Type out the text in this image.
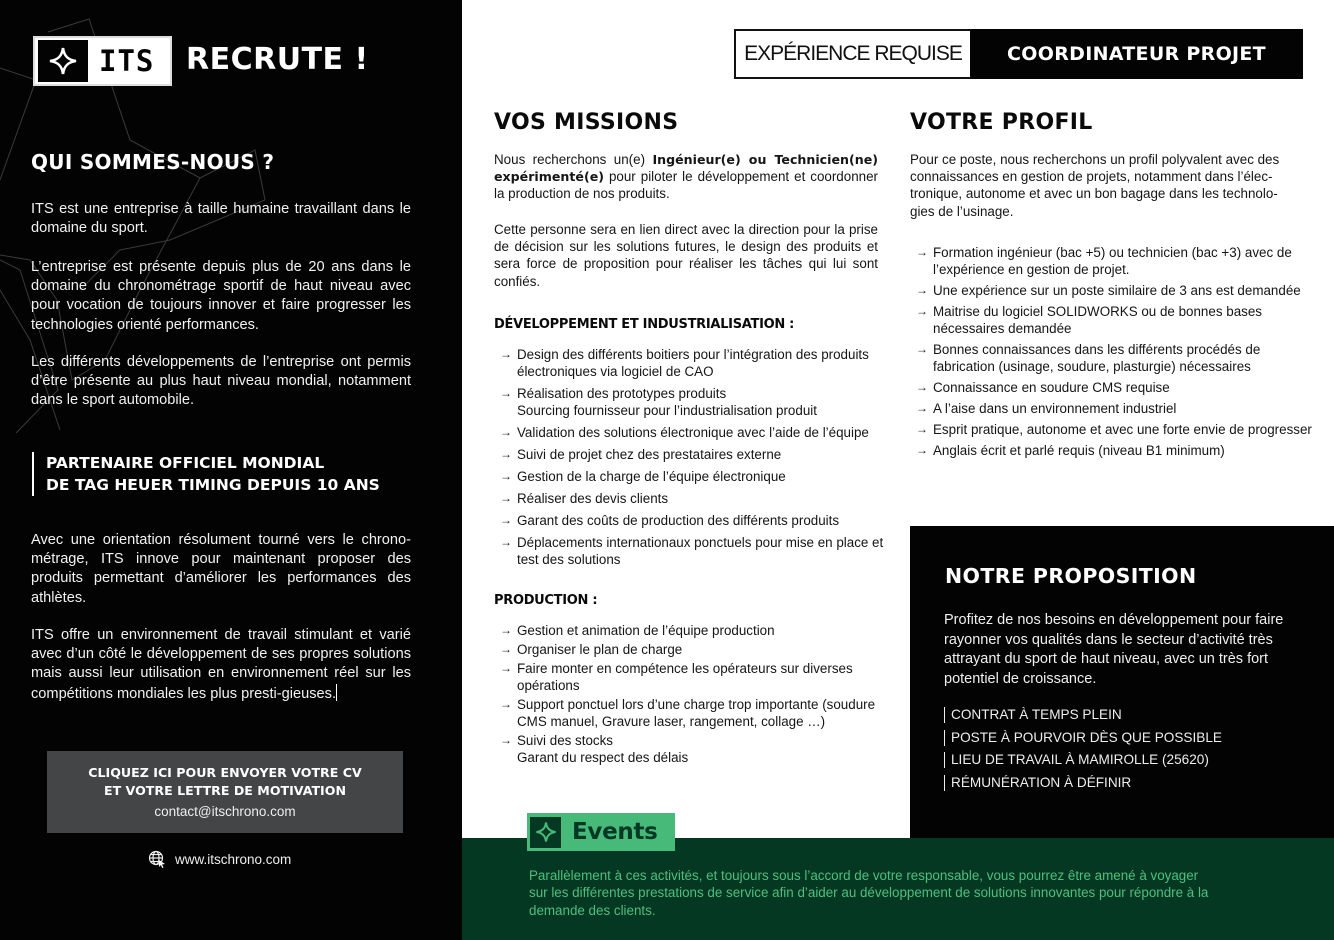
ITS RECRUTE !
QUI SOMMES-NOUS ?

ITS est une entreprise à taille humaine travaillant dans le domaine du sport.

L’entreprise est présente depuis plus de 20 ans dans le domaine du chronométrage sportif de haut niveau avec pour vocation de toujours innover et faire progresser les technologies orienté performances.

Les différents développements de l’entreprise ont permis d’être présente au plus haut niveau mondial, notamment dans le sport automobile.

PARTENAIRE OFFICIEL MONDIAL
DE TAG HEUER TIMING DEPUIS 10 ANS

Avec une orientation résolument tourné vers le chrono-métrage, ITS innove pour maintenant proposer des produits permettant d’améliorer les performances des athlètes.

ITS offre un environnement de travail stimulant et varié avec d’un côté le développement de ses propres solutions mais aussi leur utilisation en environnement réel sur les compétitions mondiales les plus presti-gieuses.

CLIQUEZ ICI POUR ENVOYER VOTRE CV
ET VOTRE LETTRE DE MOTIVATION
contact@itschrono.com
www.itschrono.com
EXPÉRIENCE REQUISE	COORDINATEUR PROJET
VOS MISSIONS

Nous recherchons un(e) Ingénieur(e) ou Technicien(ne) expérimenté(e) pour piloter le développement et coordonner la production de nos produits.

Cette personne sera en lien direct avec la direction pour la prise de décision sur les solutions futures, le design des produits et sera force de proposition pour réaliser les tâches qui lui sont confiés.

DÉVELOPPEMENT ET INDUSTRIALISATION :
→ Design des différents boitiers pour l’intégration des produits électroniques via logiciel de CAO
→ Réalisation des prototypes produits
Sourcing fournisseur pour l’industrialisation produit
→ Validation des solutions électronique avec l’aide de l’équipe
→ Suivi de projet chez des prestataires externe
→ Gestion de la charge de l’équipe électronique
→ Réaliser des devis clients
→ Garant des coûts de production des différents produits
→ Déplacements internationaux ponctuels pour mise en place et test des solutions
PRODUCTION :
→ Gestion et animation de l’équipe production
→ Organiser le plan de charge
→ Faire monter en compétence les opérateurs sur diverses opérations
→ Support ponctuel lors d’une charge trop importante (soudure CMS manuel, Gravure laser, rangement, collage …)
→ Suivi des stocks
Garant du respect des délais
VOTRE PROFIL

Pour ce poste, nous recherchons un profil polyvalent avec des connaissances en gestion de projets, notamment dans l’élec-tronique, autonome et avec un bon bagage dans les technolo-gies de l’usinage.

→ Formation ingénieur (bac +5) ou technicien (bac +3) avec de l’expérience en gestion de projet.
→ Une expérience sur un poste similaire de 3 ans est demandée
→ Maitrise du logiciel SOLIDWORKS ou de bonnes bases nécessaires demandée
→ Bonnes connaissances dans les différents procédés de fabrication (usinage, soudure, plasturgie) nécessaires
→ Connaissance en soudure CMS requise
→ A l’aise dans un environnement industriel
→ Esprit pratique, autonome et avec une forte envie de progresser
→ Anglais écrit et parlé requis (niveau B1 minimum)
NOTRE PROPOSITION

Profitez de nos besoins en développement pour faire rayonner vos qualités dans le secteur d’activité très attrayant du sport de haut niveau, avec un très fort potentiel de croissance.

CONTRAT À TEMPS PLEIN
POSTE À POURVOIR DÈS QUE POSSIBLE
LIEU DE TRAVAIL À MAMIROLLE (25620)
RÉMUNÉRATION À DÉFINIR
Events

Parallèlement à ces activités, et toujours sous l’accord de votre responsable, vous pourrez être amené à voyager sur les différentes prestations de service afin d’aider au développement de solutions innovantes pour répondre à la demande des clients.
